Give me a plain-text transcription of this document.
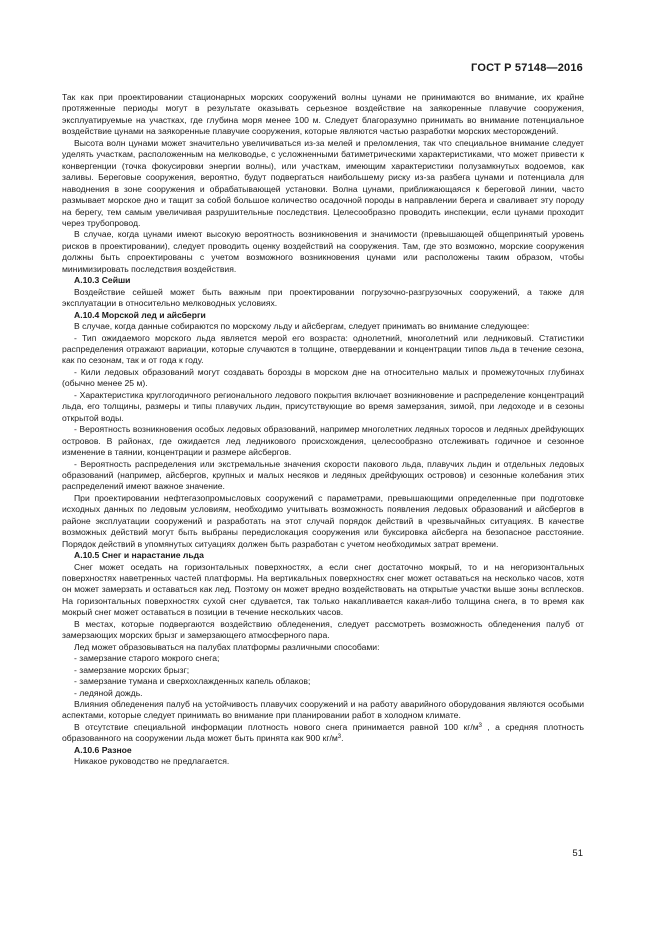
ГОСТ Р 57148—2016

Так как при проектировании стационарных морских сооружений волны цунами не принимаются во внимание, их крайне протяженные периоды могут в результате оказывать серьезное воздействие на заякоренные плавучие сооружения, эксплуатируемые на участках, где глубина моря менее 100 м. Следует благоразумно принимать во внимание потенциальное воздействие цунами на заякоренные плавучие сооружения, которые являются частью разработки морских месторождений.

Высота волн цунами может значительно увеличиваться из-за мелей и преломления, так что специальное внимание следует уделять участкам, расположенным на мелководье, с усложненными батиметрическими характеристиками, что может привести к конвергенции (точка фокусировки энергии волны), или участкам, имеющим характеристики полузамкнутых водоемов, как заливы. Береговые сооружения, вероятно, будут подвергаться наибольшему риску из-за разбега цунами и потенциала для наводнения в зоне сооружения и обрабатывающей установки. Волна цунами, приближающаяся к береговой линии, часто размывает морское дно и тащит за собой большое количество осадочной породы в направлении берега и сваливает эту породу на берегу, тем самым увеличивая разрушительные последствия. Целесообразно проводить инспекции, если цунами проходит через трубопровод.

В случае, когда цунами имеют высокую вероятность возникновения и значимости (превышающей общепринятый уровень рисков в проектировании), следует проводить оценку воздействий на сооружения. Там, где это возможно, морские сооружения должны быть спроектированы с учетом возможного возникновения цунами или расположены таким образом, чтобы минимизировать последствия воздействия.

А.10.3 Сейши

Воздействие сейшей может быть важным при проектировании погрузочно-разгрузочных сооружений, а также для эксплуатации в относительно мелководных условиях.

А.10.4 Морской лед и айсберги

В случае, когда данные собираются по морскому льду и айсбергам, следует принимать во внимание следующее:

- Тип ожидаемого морского льда является мерой его возраста: однолетний, многолетний или ледниковый. Статистики распределения отражают вариации, которые случаются в толщине, отвердевании и концентрации типов льда в течение сезона, как по сезонам, так и от года к году.

- Кили ледовых образований могут создавать борозды в морском дне на относительно малых и промежуточных глубинах (обычно менее 25 м).

- Характеристика круглогодичного регионального ледового покрытия включает возникновение и распределение концентраций льда, его толщины, размеры и типы плавучих льдин, присутствующие во время замерзания, зимой, при ледоходе и в сезоны открытой воды.

- Вероятность возникновения особых ледовых образований, например многолетних ледяных торосов и ледяных дрейфующих островов. В районах, где ожидается лед ледникового происхождения, целесообразно отслеживать годичное и сезонное изменение в таянии, концентрации и размере айсбергов.

- Вероятность распределения или экстремальные значения скорости пакового льда, плавучих льдин и отдельных ледовых образований (например, айсбергов, крупных и малых несяков и ледяных дрейфующих островов) и сезонные колебания этих распределений имеют важное значение.

При проектировании нефтегазопромысловых сооружений с параметрами, превышающими определенные при подготовке исходных данных по ледовым условиям, необходимо учитывать возможность появления ледовых образований и айсбергов в районе эксплуатации сооружений и разработать на этот случай порядок действий в чрезвычайных ситуациях. В качестве возможных действий могут быть выбраны передислокация сооружения или буксировка айсберга на безопасное расстояние. Порядок действий в упомянутых ситуациях должен быть разработан с учетом необходимых затрат времени.

А.10.5 Снег и нарастание льда

Снег может оседать на горизонтальных поверхностях, а если снег достаточно мокрый, то и на негоризонтальных поверхностях наветренных частей платформы. На вертикальных поверхностях снег может оставаться на несколько часов, хотя он может замерзать и оставаться как лед. Поэтому он может вредно воздействовать на открытые участки выше зоны всплесков. На горизонтальных поверхностях сухой снег сдувается, так только накапливается какая-либо толщина снега, в то время как мокрый снег может оставаться в позиции в течение нескольких часов.

В местах, которые подвергаются воздействию обледенения, следует рассмотреть возможность обледенения палуб от замерзающих морских брызг и замерзающего атмосферного пара.

Лед может образовываться на палубах платформы различными способами:

- замерзание старого мокрого снега;
- замерзание морских брызг;
- замерзание тумана и сверхохлажденных капель облаков;
- ледяной дождь.

Влияния обледенения палуб на устойчивость плавучих сооружений и на работу аварийного оборудования являются особыми аспектами, которые следует принимать во внимание при планировании работ в холодном климате.

В отсутствие специальной информации плотность нового снега принимается равной 100 $кг/м^3$ , а средняя плотность образованного на сооружении льда может быть принята как 900 $кг/м^3$.

А.10.6 Разное

Никакое руководство не предлагается.

51
